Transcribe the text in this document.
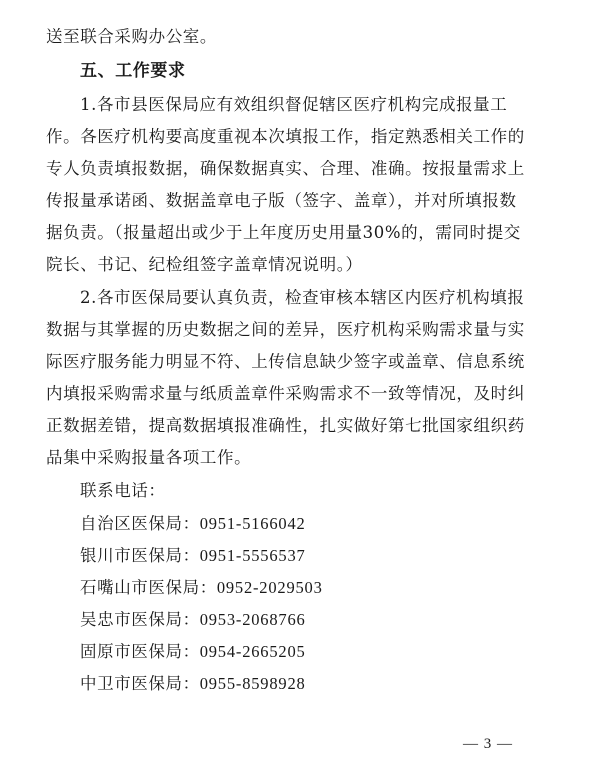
送至联合采购办公室。
五、工作要求
1.各市县医保局应有效组织督促辖区医疗机构完成报量工
作。各医疗机构要高度重视本次填报工作，指定熟悉相关工作的
专人负责填报数据，确保数据真实、合理、准确。按报量需求上
传报量承诺函、数据盖章电子版（签字、盖章），并对所填报数
据负责。（报量超出或少于上年度历史用量30%的，需同时提交
院长、书记、纪检组签字盖章情况说明。）
2.各市医保局要认真负责，检查审核本辖区内医疗机构填报
数据与其掌握的历史数据之间的差异，医疗机构采购需求量与实
际医疗服务能力明显不符、上传信息缺少签字或盖章、信息系统
内填报采购需求量与纸质盖章件采购需求不一致等情况，及时纠
正数据差错，提高数据填报准确性，扎实做好第七批国家组织药
品集中采购报量各项工作。
联系电话：
自治区医保局：0951-5166042
银川市医保局：0951-5556537
石嘴山市医保局：0952-2029503
吴忠市医保局：0953-2068766
固原市医保局：0954-2665205
中卫市医保局：0955-8598928
— 3 —
